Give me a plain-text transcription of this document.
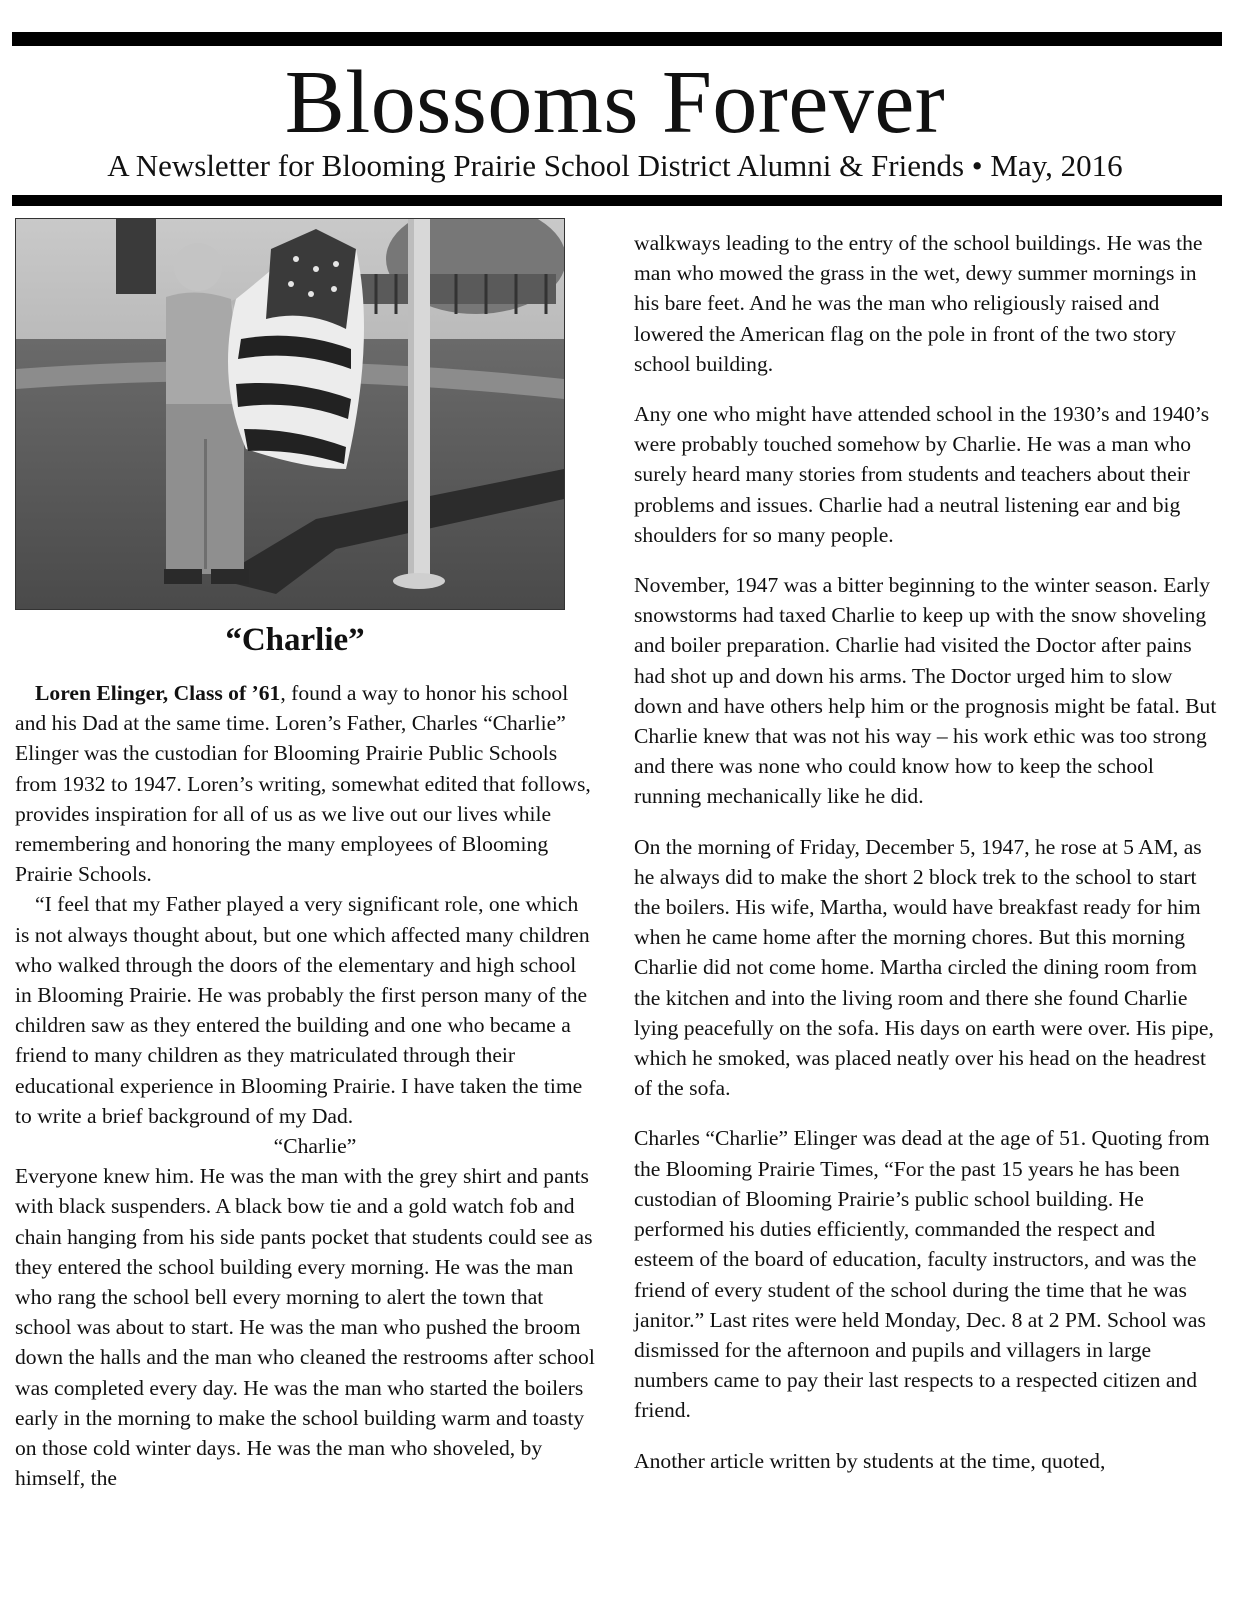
Blossoms Forever
A Newsletter for Blooming Prairie School District Alumni & Friends • May, 2016
“Charlie”

Loren Elinger, Class of ’61, found a way to honor his school and his Dad at the same time. Loren’s Father, Charles “Charlie” Elinger was the custodian for Blooming Prairie Public Schools from 1932 to 1947. Loren’s writing, somewhat edited that follows, provides inspiration for all of us as we live out our lives while remembering and honoring the many employees of Blooming Prairie Schools.

“I feel that my Father played a very significant role, one which is not always thought about, but one which affected many children who walked through the doors of the elementary and high school in Blooming Prairie. He was probably the first person many of the children saw as they entered the building and one who became a friend to many children as they matriculated through their educational experience in Blooming Prairie. I have taken the time to write a brief background of my Dad.

“Charlie”

Everyone knew him. He was the man with the grey shirt and pants with black suspenders. A black bow tie and a gold watch fob and chain hanging from his side pants pocket that students could see as they entered the school building every morning. He was the man who rang the school bell every morning to alert the town that school was about to start. He was the man who pushed the broom down the halls and the man who cleaned the restrooms after school was completed every day. He was the man who started the boilers early in the morning to make the school building warm and toasty on those cold winter days. He was the man who shoveled, by himself, the

walkways leading to the entry of the school buildings. He was the man who mowed the grass in the wet, dewy summer mornings in his bare feet. And he was the man who religiously raised and lowered the American flag on the pole in front of the two story school building.

Any one who might have attended school in the 1930’s and 1940’s were probably touched somehow by Charlie. He was a man who surely heard many stories from students and teachers about their problems and issues. Charlie had a neutral listening ear and big shoulders for so many people.

November, 1947 was a bitter beginning to the winter season. Early snowstorms had taxed Charlie to keep up with the snow shoveling and boiler preparation. Charlie had visited the Doctor after pains had shot up and down his arms. The Doctor urged him to slow down and have others help him or the prognosis might be fatal. But Charlie knew that was not his way – his work ethic was too strong and there was none who could know how to keep the school running mechanically like he did.

On the morning of Friday, December 5, 1947, he rose at 5 AM, as he always did to make the short 2 block trek to the school to start the boilers. His wife, Martha, would have breakfast ready for him when he came home after the morning chores. But this morning Charlie did not come home. Martha circled the dining room from the kitchen and into the living room and there she found Charlie lying peacefully on the sofa. His days on earth were over. His pipe, which he smoked, was placed neatly over his head on the headrest of the sofa.

Charles “Charlie” Elinger was dead at the age of 51. Quoting from the Blooming Prairie Times, “For the past 15 years he has been custodian of Blooming Prairie’s public school building. He performed his duties efficiently, commanded the respect and esteem of the board of education, faculty instructors, and was the friend of every student of the school during the time that he was janitor.” Last rites were held Monday, Dec. 8 at 2 PM. School was dismissed for the afternoon and pupils and villagers in large numbers came to pay their last respects to a respected citizen and friend.

Another article written by students at the time, quoted,
